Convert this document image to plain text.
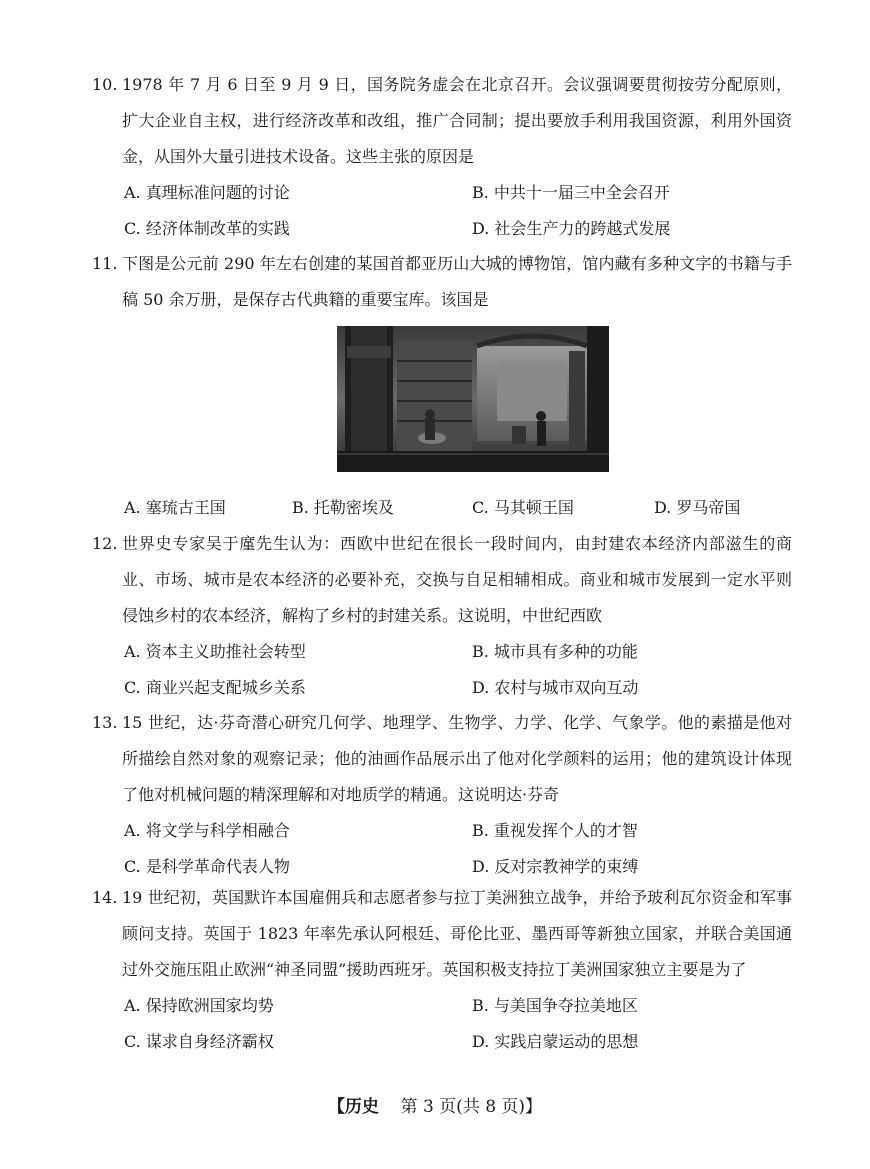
10. 1978 年 7 月 6 日至 9 月 9 日，国务院务虚会在北京召开。会议强调要贯彻按劳分配原则，扩大企业自主权，进行经济改革和改组，推广合同制；提出要放手利用我国资源，利用外国资金，从国外大量引进技术设备。这些主张的原因是
A. 真理标准问题的讨论	B. 中共十一届三中全会召开
C. 经济体制改革的实践	D. 社会生产力的跨越式发展
11. 下图是公元前 290 年左右创建的某国首都亚历山大城的博物馆，馆内藏有多种文字的书籍与手稿 50 余万册，是保存古代典籍的重要宝库。该国是
A. 塞琉古王国	B. 托勒密埃及	C. 马其顿王国	D. 罗马帝国
12. 世界史专家吴于廑先生认为：西欧中世纪在很长一段时间内，由封建农本经济内部滋生的商业、市场、城市是农本经济的必要补充，交换与自足相辅相成。商业和城市发展到一定水平则侵蚀乡村的农本经济，解构了乡村的封建关系。这说明，中世纪西欧
A. 资本主义助推社会转型	B. 城市具有多种的功能
C. 商业兴起支配城乡关系	D. 农村与城市双向互动
13. 15 世纪，达·芬奇潜心研究几何学、地理学、生物学、力学、化学、气象学。他的素描是他对所描绘自然对象的观察记录；他的油画作品展示出了他对化学颜料的运用；他的建筑设计体现了他对机械问题的精深理解和对地质学的精通。这说明达·芬奇
A. 将文学与科学相融合	B. 重视发挥个人的才智
C. 是科学革命代表人物	D. 反对宗教神学的束缚
14. 19 世纪初，英国默许本国雇佣兵和志愿者参与拉丁美洲独立战争，并给予玻利瓦尔资金和军事顾问支持。英国于 1823 年率先承认阿根廷、哥伦比亚、墨西哥等新独立国家，并联合美国通过外交施压阻止欧洲“神圣同盟”援助西班牙。英国积极支持拉丁美洲国家独立主要是为了
A. 保持欧洲国家均势	B. 与美国争夺拉美地区
C. 谋求自身经济霸权	D. 实践启蒙运动的思想
【历史 第 3 页(共 8 页)】
